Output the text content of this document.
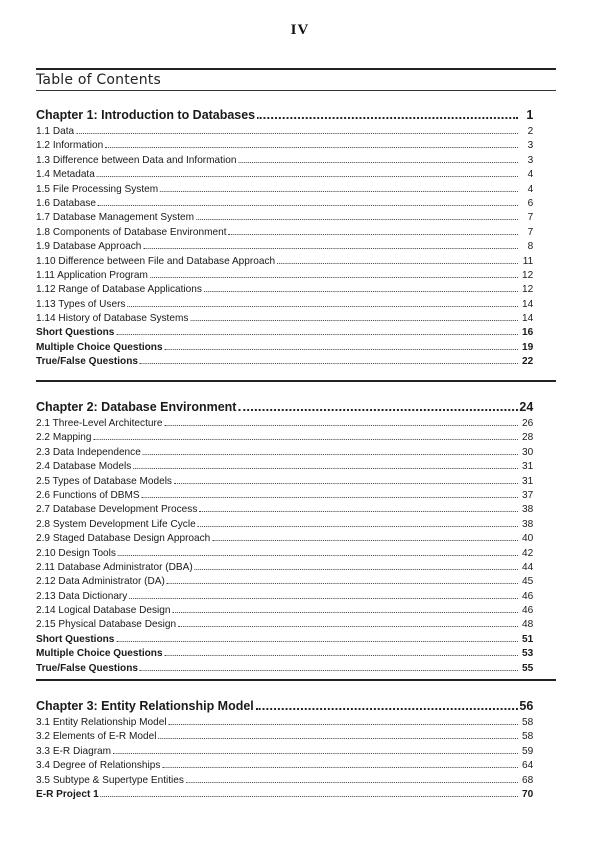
IV
Table of Contents
Chapter 1: Introduction to Databases	1
1.1 Data	2
1.2 Information	3
1.3 Difference between Data and Information	3
1.4 Metadata	4
1.5 File Processing System	4
1.6 Database	6
1.7 Database Management System	7
1.8 Components of Database Environment	7
1.9 Database Approach	8
1.10 Difference between File and Database Approach	11
1.11 Application Program	12
1.12 Range of Database Applications	12
1.13 Types of Users	14
1.14 History of Database Systems	14
Short Questions	16
Multiple Choice Questions	19
True/False Questions	22
Chapter 2: Database Environment	24
2.1 Three-Level Architecture	26
2.2 Mapping	28
2.3 Data Independence	30
2.4 Database Models	31
2.5 Types of Database Models	31
2.6 Functions of DBMS	37
2.7 Database Development Process	38
2.8 System Development Life Cycle	38
2.9 Staged Database Design Approach	40
2.10 Design Tools	42
2.11 Database Administrator (DBA)	44
2.12 Data Administrator (DA)	45
2.13 Data Dictionary	46
2.14 Logical Database Design	46
2.15 Physical Database Design	48
Short Questions	51
Multiple Choice Questions	53
True/False Questions	55
Chapter 3: Entity Relationship Model	56
3.1 Entity Relationship Model	58
3.2 Elements of E-R Model	58
3.3 E-R Diagram	59
3.4 Degree of Relationships	64
3.5 Subtype & Supertype Entities	68
E-R Project 1	70
